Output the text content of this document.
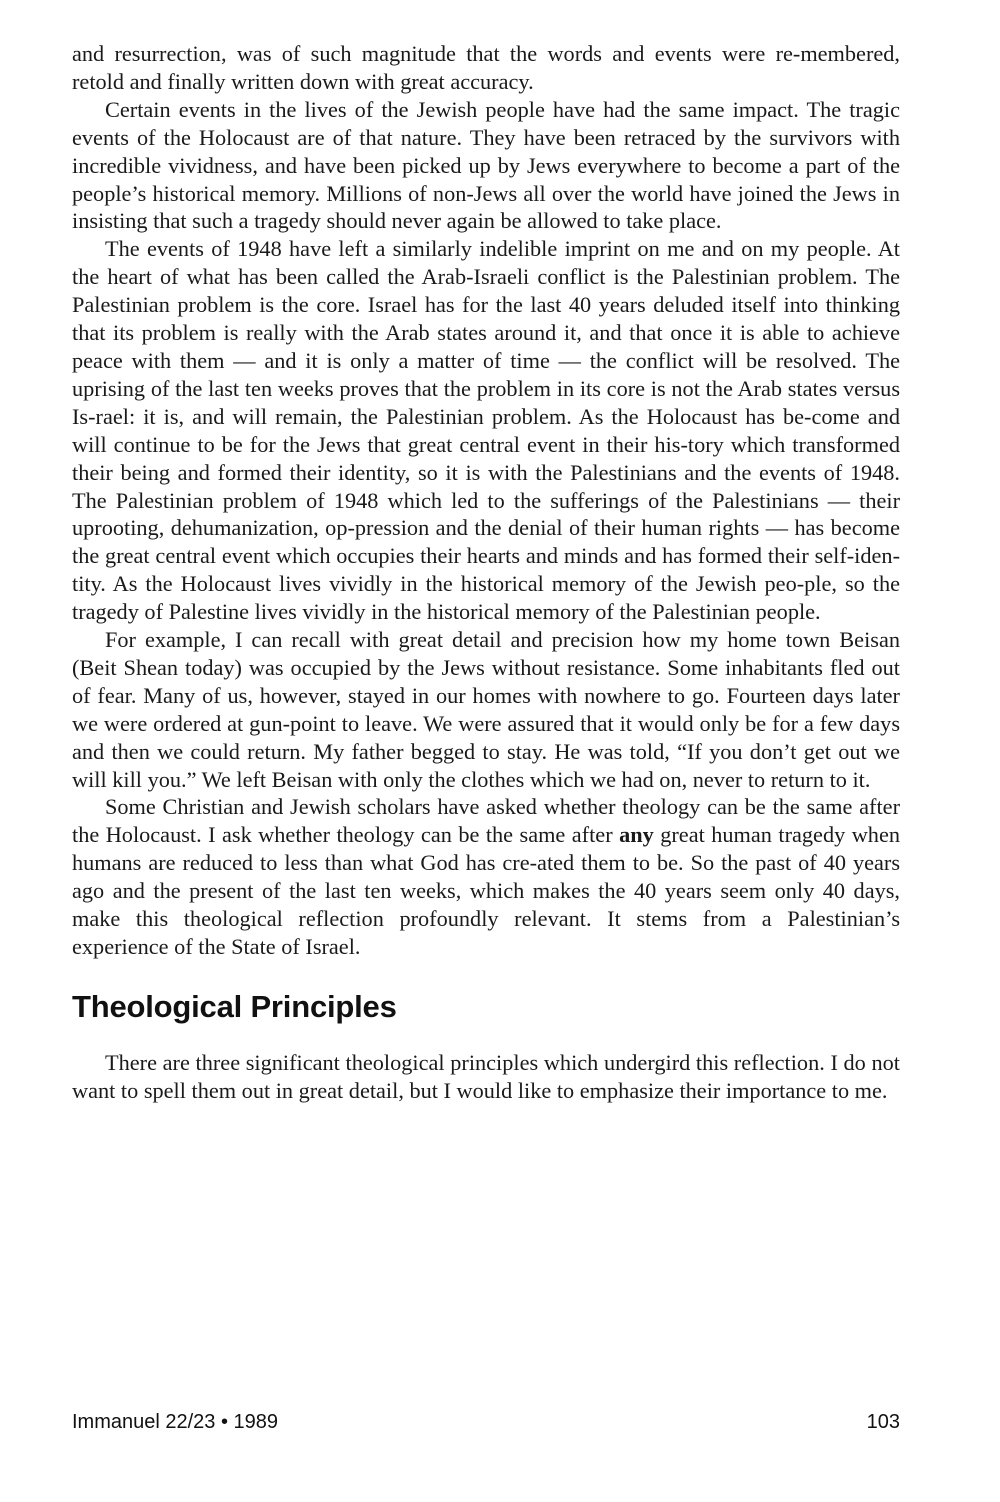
and resurrection, was of such magnitude that the words and events were re-membered, retold and finally written down with great accuracy.

Certain events in the lives of the Jewish people have had the same impact. The tragic events of the Holocaust are of that nature. They have been retraced by the survivors with incredible vividness, and have been picked up by Jews everywhere to become a part of the people’s historical memory. Millions of non-Jews all over the world have joined the Jews in insisting that such a tragedy should never again be allowed to take place.

The events of 1948 have left a similarly indelible imprint on me and on my people. At the heart of what has been called the Arab-Israeli conflict is the Palestinian problem. The Palestinian problem is the core. Israel has for the last 40 years deluded itself into thinking that its problem is really with the Arab states around it, and that once it is able to achieve peace with them — and it is only a matter of time — the conflict will be resolved. The uprising of the last ten weeks proves that the problem in its core is not the Arab states versus Is-rael: it is, and will remain, the Palestinian problem. As the Holocaust has be-come and will continue to be for the Jews that great central event in their his-tory which transformed their being and formed their identity, so it is with the Palestinians and the events of 1948. The Palestinian problem of 1948 which led to the sufferings of the Palestinians — their uprooting, dehumanization, op-pression and the denial of their human rights — has become the great central event which occupies their hearts and minds and has formed their self-iden-tity. As the Holocaust lives vividly in the historical memory of the Jewish peo-ple, so the tragedy of Palestine lives vividly in the historical memory of the Palestinian people.

For example, I can recall with great detail and precision how my home town Beisan (Beit Shean today) was occupied by the Jews without resistance. Some inhabitants fled out of fear. Many of us, however, stayed in our homes with nowhere to go. Fourteen days later we were ordered at gun-point to leave. We were assured that it would only be for a few days and then we could return. My father begged to stay. He was told, “If you don’t get out we will kill you.” We left Beisan with only the clothes which we had on, never to return to it.

Some Christian and Jewish scholars have asked whether theology can be the same after the Holocaust. I ask whether theology can be the same after any great human tragedy when humans are reduced to less than what God has cre-ated them to be. So the past of 40 years ago and the present of the last ten weeks, which makes the 40 years seem only 40 days, make this theological reflection profoundly relevant. It stems from a Palestinian’s experience of the State of Israel.

Theological Principles

There are three significant theological principles which undergird this reflection. I do not want to spell them out in great detail, but I would like to emphasize their importance to me.

Immanuel 22/23 • 1989	103
